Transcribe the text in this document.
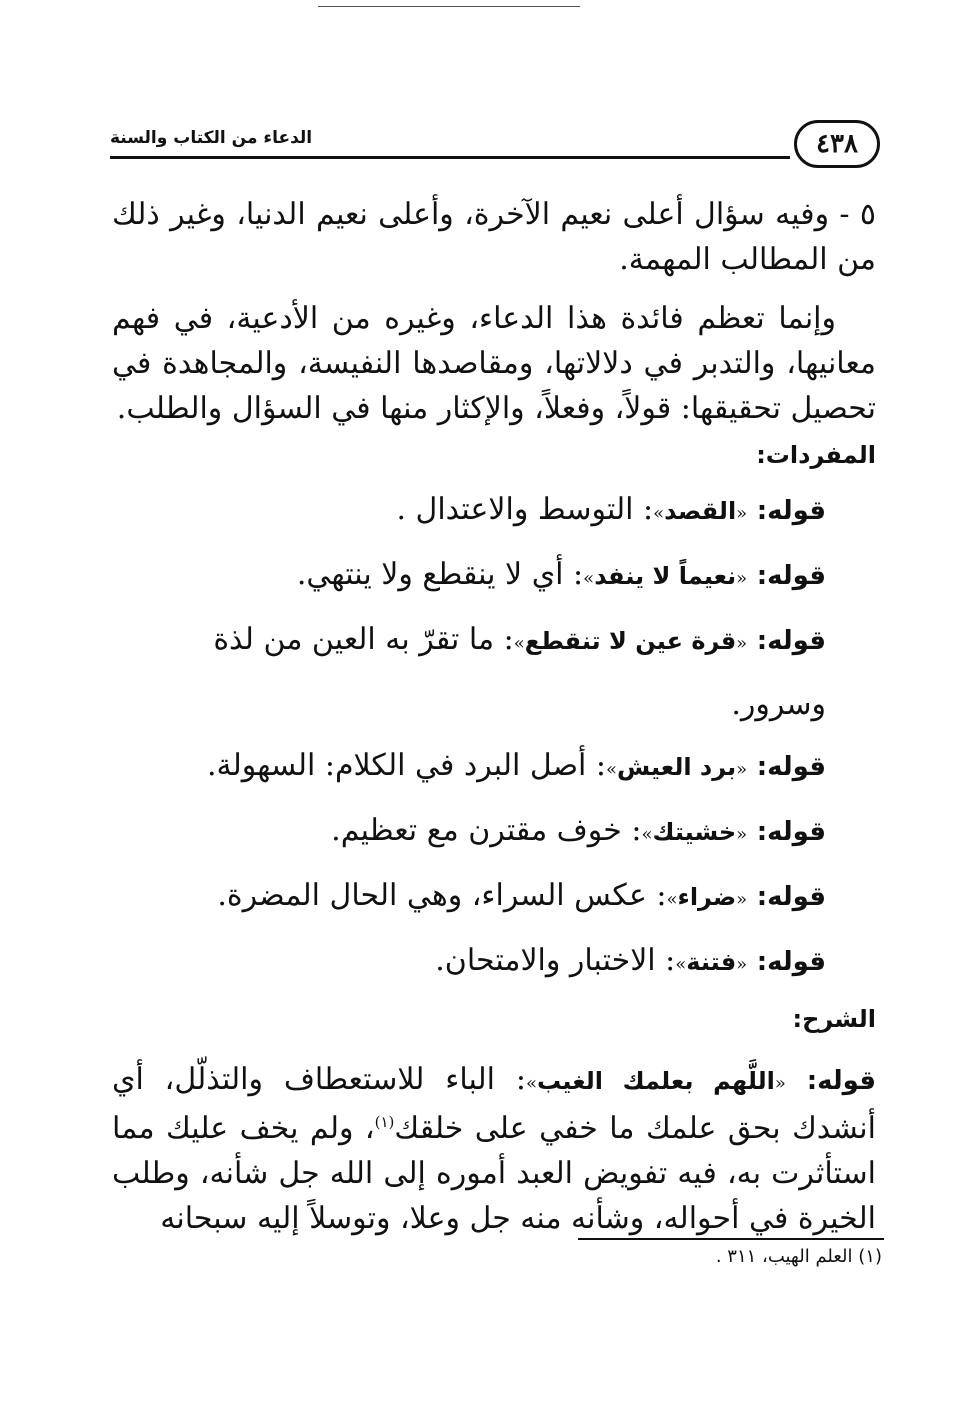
الدعاء من الكتاب والسنة	٤٣٨

٥ - وفيه سؤال أعلى نعيم الآخرة، وأعلى نعيم الدنيا، وغير ذلك من المطالب المهمة.

وإنما تعظم فائدة هذا الدعاء، وغيره من الأدعية، في فهم معانيها، والتدبر في دلالاتها، ومقاصدها النفيسة، والمجاهدة في تحصيل تحقيقها: قولاً، وفعلاً، والإكثار منها في السؤال والطلب.

المفردات:

قوله: «القصد»: التوسط والاعتدال .

قوله: «نعيماً لا ينفد»: أي لا ينقطع ولا ينتهي.

قوله: «قرة عين لا تنقطع»: ما تقرّ به العين من لذة وسرور.

قوله: «برد العيش»: أصل البرد في الكلام: السهولة.

قوله: «خشيتك»: خوف مقترن مع تعظيم.

قوله: «ضراء»: عكس السراء، وهي الحال المضرة.

قوله: «فتنة»: الاختبار والامتحان.

الشرح:

قوله: «اللَّهم بعلمك الغيب»: الباء للاستعطاف والتذلّل، أي أنشدك بحق علمك ما خفي على خلقك$^{(١)}$، ولم يخف عليك مما استأثرت به، فيه تفويض العبد أموره إلى الله جل شأنه، وطلب الخيرة في أحواله، وشأنه منه جل وعلا، وتوسلاً إليه سبحانه

(١) العلم الهيب، ٣١١ .
